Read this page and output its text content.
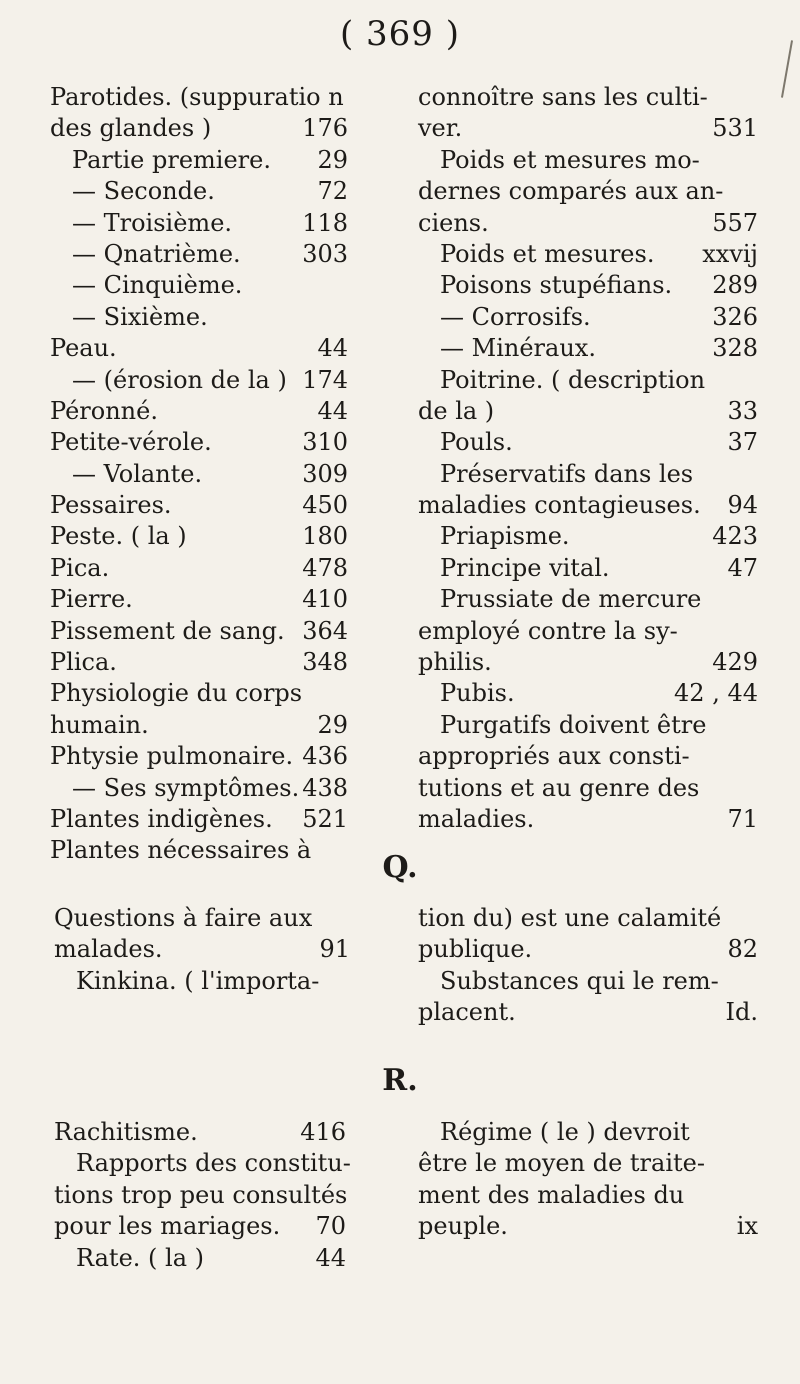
( 369 )
Parotides. (suppuratio n
des glandes )	176
Partie premiere. 29
— Seconde.	72
— Troisième.	118
— Qnatrième.	303
— Cinquième.
— Sixième.
Peau.	44
— (érosion de la ) 174
Péronné.	44
Petite-vérole.	310
— Volante.	309
Pessaires.	450
Peste. ( la )	180
Pica.	478
Pierre.	410
Pissement de sang. 364
Plica.	348
Physiologie du corps
humain.	29
Phtysie pulmonaire. 436
— Ses symptômes. 438
Plantes indigènes. 521
Plantes nécessaires à
connoître sans les culti-
ver.	531
Poids et mesures mo-
dernes comparés aux an-
ciens.	557
Poids et mesures. xxvij
Poisons stupéfians. 289
— Corrosifs.	326
— Minéraux.	328
Poitrine. ( description
de la )	33
Pouls.	37
Préservatifs dans les
maladies contagieuses. 94
Priapisme.	423
Principe vital.	47
Prussiate de mercure
employé contre la sy-
philis.	429
Pubis.	42 , 44
Purgatifs doivent être
appropriés aux consti-
tutions et au genre des
maladies.	71
Q.
Questions à faire aux
malades.	91
Kinkina. ( l'importa-
tion du) est une calamité
publique.	82
Substances qui le rem-
placent.	Id.
R.
Rachitisme.	416
Rapports des constitu-
tions trop peu consultés
pour les mariages. 70
Rate. ( la )	44
Régime ( le ) devroit
être le moyen de traite-
ment des maladies du
peuple.	ix
